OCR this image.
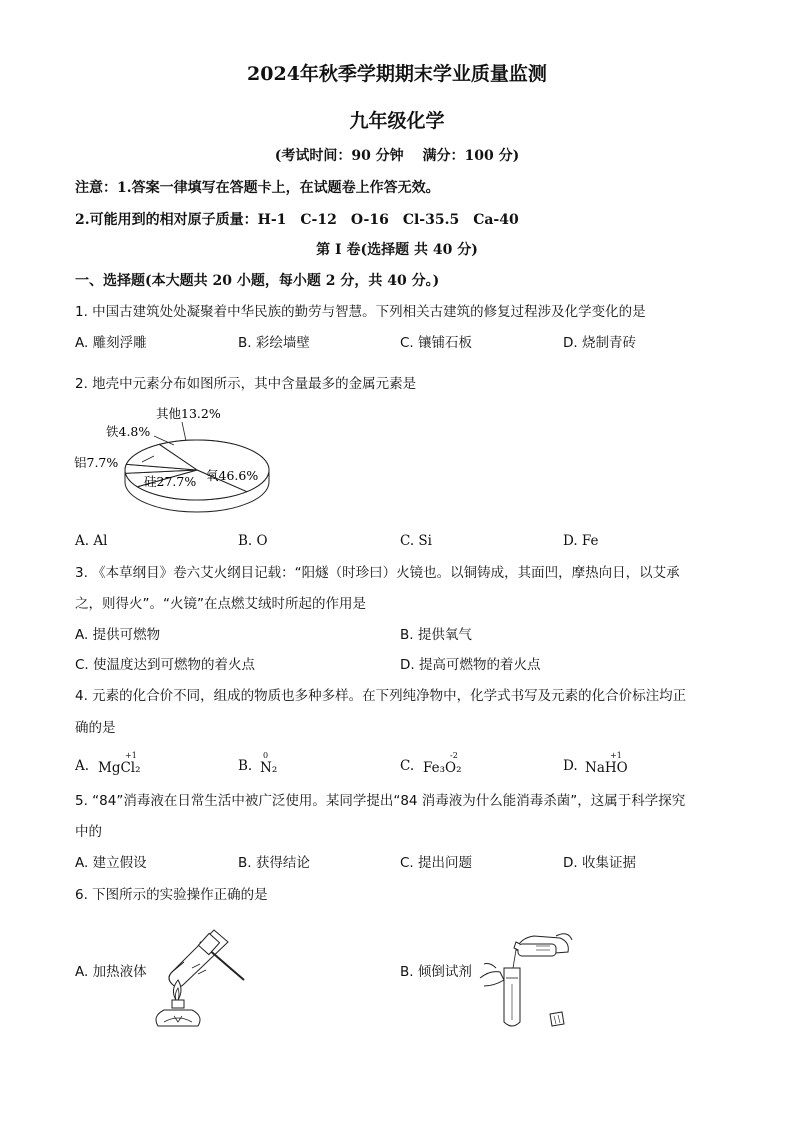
2024年秋季学期期末学业质量监测
九年级化学
(考试时间：90 分钟　 满分：100 分)
注意：1.答案一律填写在答题卡上，在试题卷上作答无效。
2.可能用到的相对原子质量：H-1　C-12　O-16　Cl-35.5　Ca-40
第 I 卷(选择题 共 40 分)
一、选择题(本大题共 20 小题，每小题 2 分，共 40 分。)
1. 中国古建筑处处凝聚着中华民族的勤劳与智慧。下列相关古建筑的修复过程涉及化学变化的是
A. 雕刻浮雕	B. 彩绘墙壁	C. 镶铺石板	D. 烧制青砖
2. 地壳中元素分布如图所示，其中含量最多的金属元素是
其他13.2%
铁4.8%
铝7.7%
硅27.7% 氧46.6%
A. Al	B. O	C. Si	D. Fe
3. 《本草纲目》卷六艾火纲目记载：“阳燧（时珍曰）火镜也。以铜铸成，其面凹，摩热向日，以艾承
之，则得火”。“火镜”在点燃艾绒时所起的作用是
A. 提供可燃物	B. 提供氧气
C. 使温度达到可燃物的着火点	D. 提高可燃物的着火点
4. 元素的化合价不同，组成的物质也多种多样。在下列纯净物中，化学式书写及元素的化合价标注均正
确的是
A.
+1
MgCl₂	B.
0
N₂	C.
-2
Fe₃O₂	D.
+1
NaHO
5. “84”消毒液在日常生活中被广泛使用。某同学提出“84 消毒液为什么能消毒杀菌”，这属于科学探究
中的
A. 建立假设	B. 获得结论	C. 提出问题	D. 收集证据
6. 下图所示的实验操作正确的是
A. 加热液体	B. 倾倒试剂
